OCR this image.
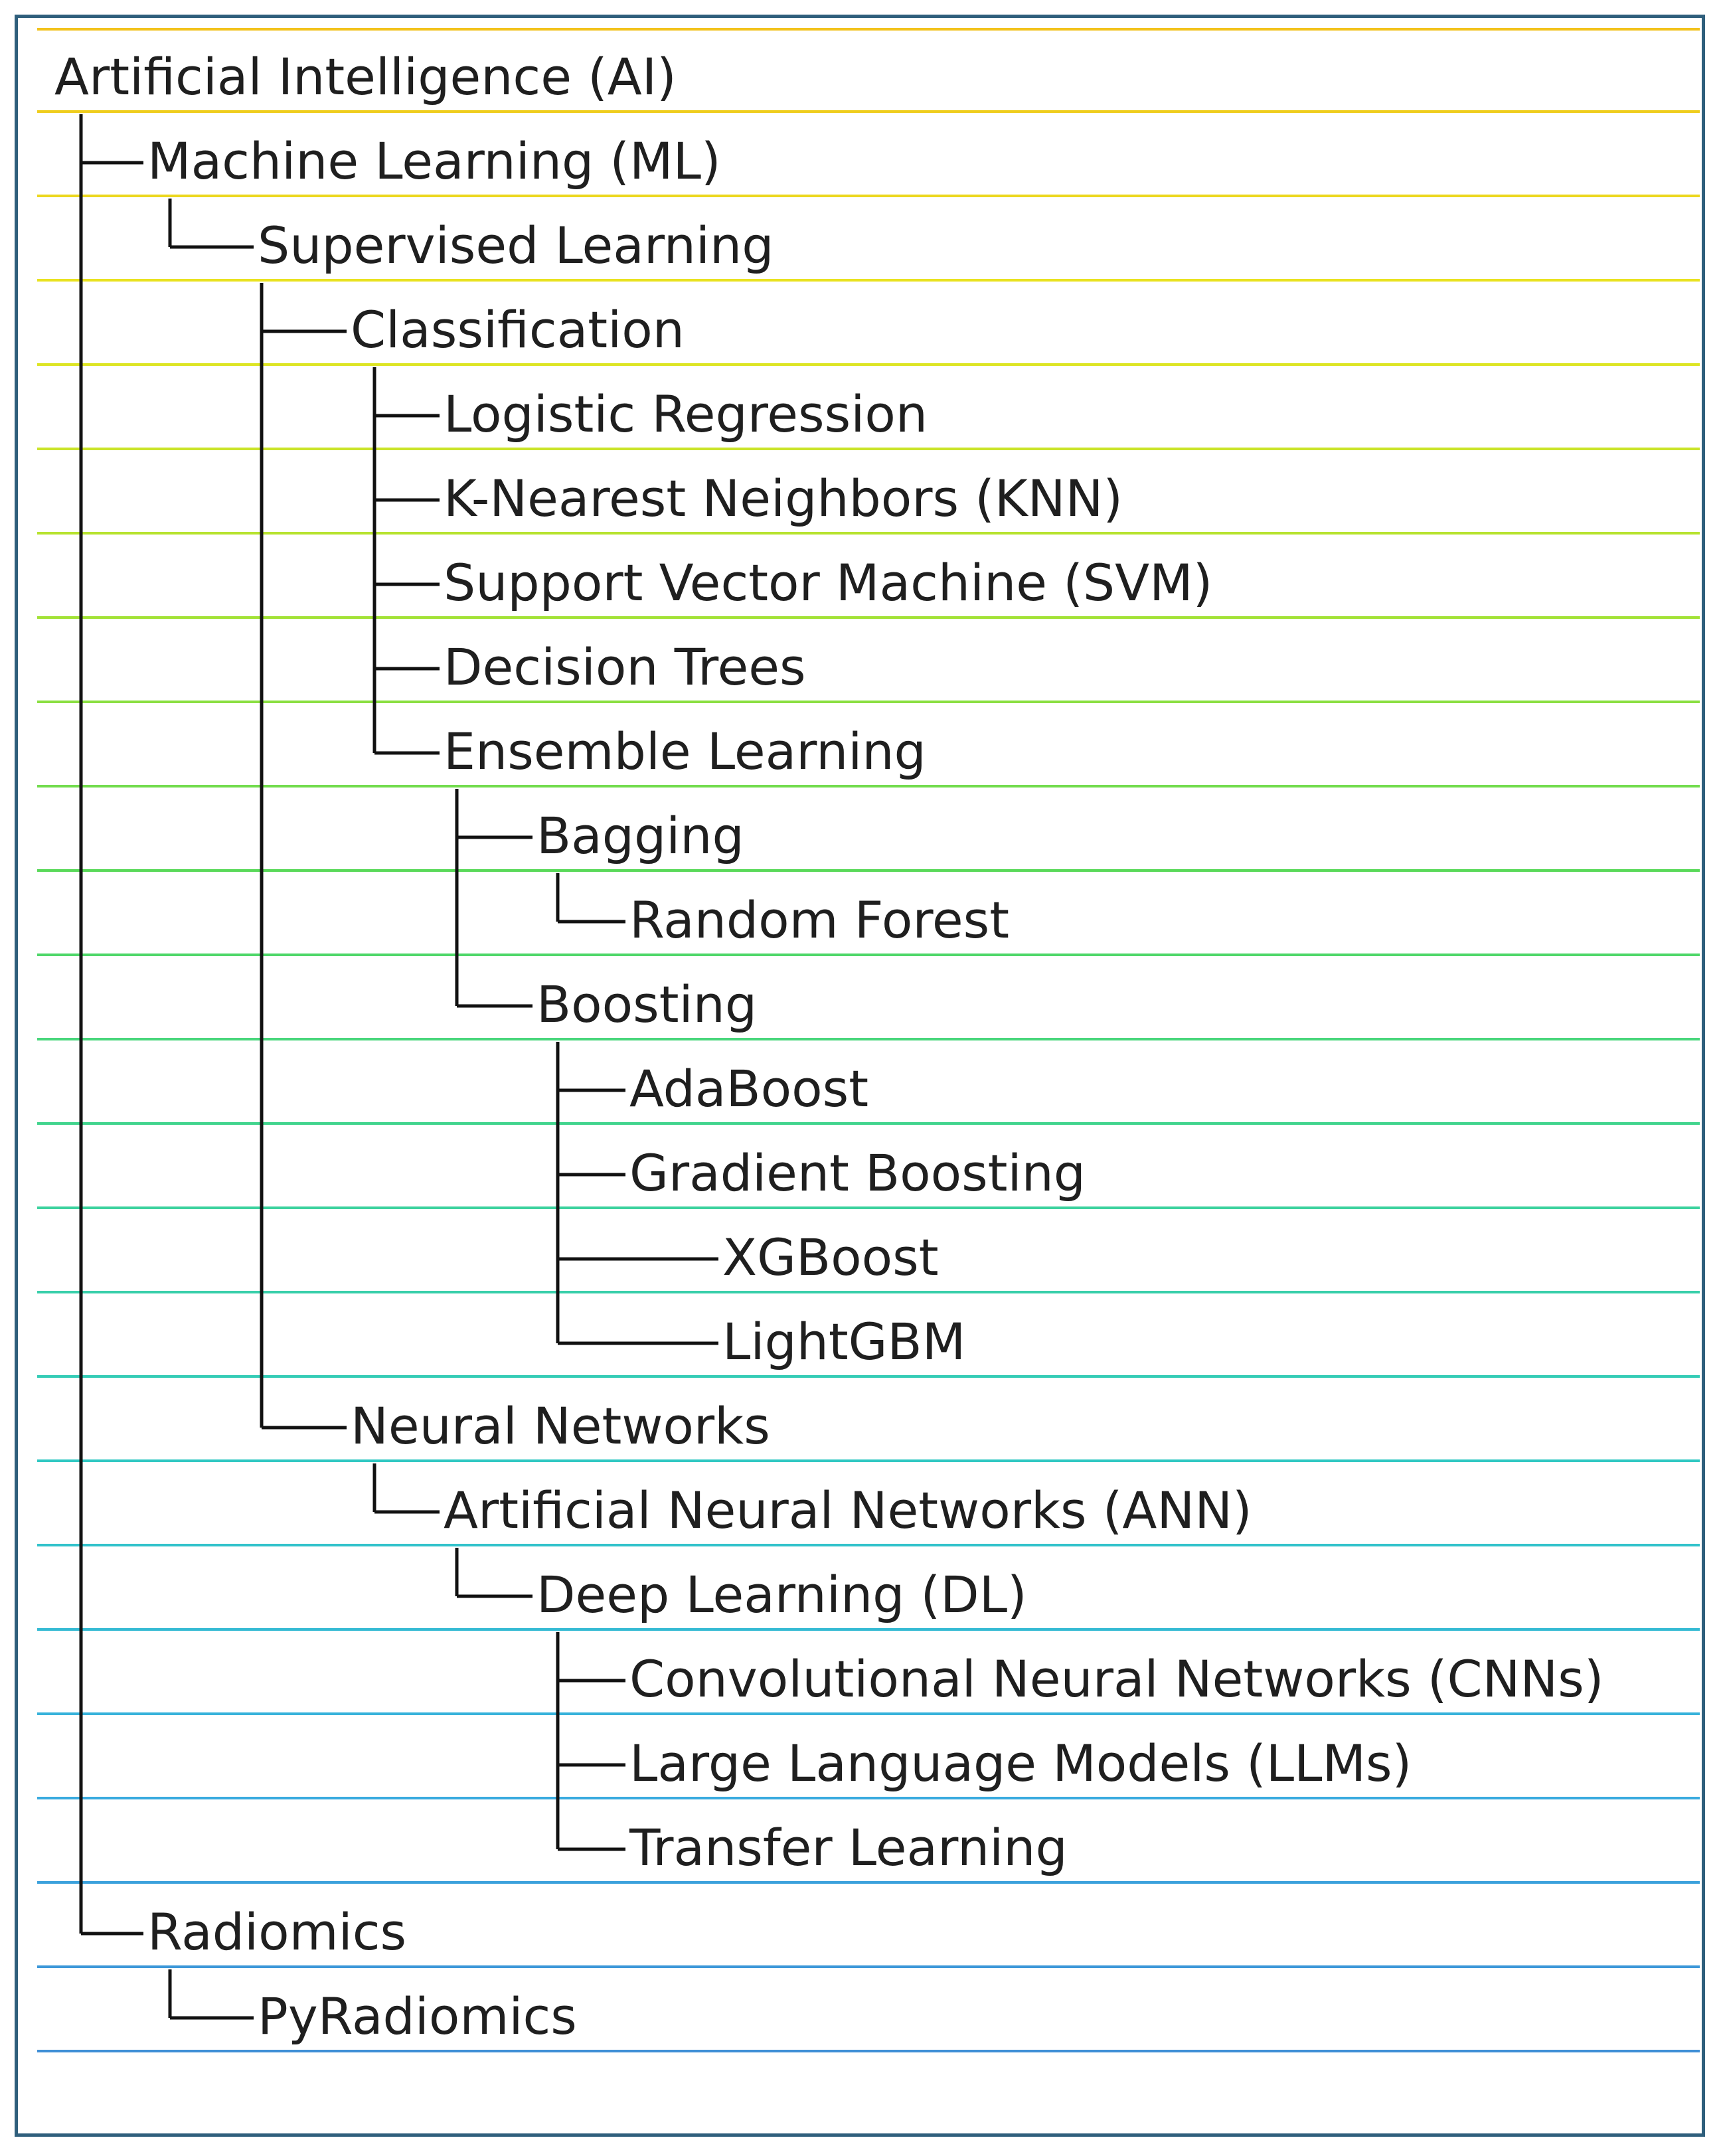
Artificial Intelligence (AI)
Machine Learning (ML)
Supervised Learning
Classification
Logistic Regression
K-Nearest Neighbors (KNN)
Support Vector Machine (SVM)
Decision Trees
Ensemble Learning
Bagging
Random Forest
Boosting
AdaBoost
Gradient Boosting
XGBoost
LightGBM
Neural Networks
Artificial Neural Networks (ANN)
Deep Learning (DL)
Convolutional Neural Networks (CNNs)
Large Language Models (LLMs)
Transfer Learning
Radiomics
PyRadiomics
